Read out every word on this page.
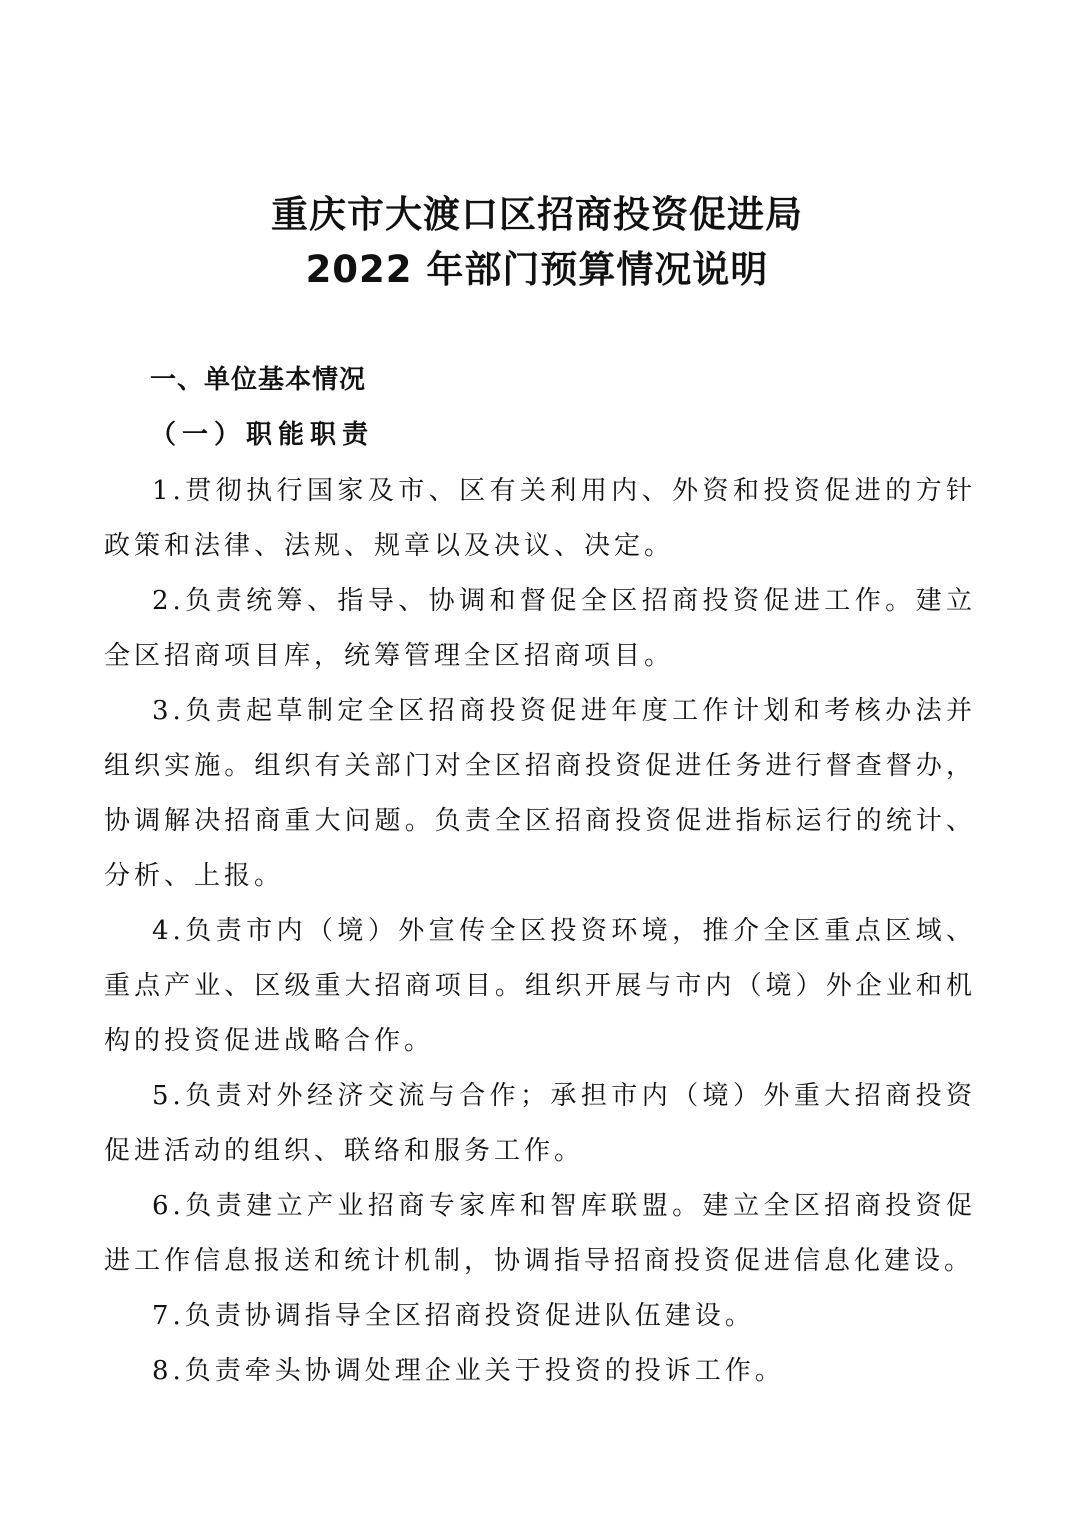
重庆市大渡口区招商投资促进局
2022 年部门预算情况说明
一、单位基本情况
（一）职能职责

1.贯彻执行国家及市、区有关利用内、外资和投资促进的方针政策和法律、法规、规章以及决议、决定。

2.负责统筹、指导、协调和督促全区招商投资促进工作。建立全区招商项目库，统筹管理全区招商项目。

3.负责起草制定全区招商投资促进年度工作计划和考核办法并组织实施。组织有关部门对全区招商投资促进任务进行督查督办，协调解决招商重大问题。负责全区招商投资促进指标运行的统计、分析、上报。

4.负责市内（境）外宣传全区投资环境，推介全区重点区域、重点产业、区级重大招商项目。组织开展与市内（境）外企业和机构的投资促进战略合作。

5.负责对外经济交流与合作；承担市内（境）外重大招商投资促进活动的组织、联络和服务工作。

6.负责建立产业招商专家库和智库联盟。建立全区招商投资促进工作信息报送和统计机制，协调指导招商投资促进信息化建设。

7.负责协调指导全区招商投资促进队伍建设。

8.负责牵头协调处理企业关于投资的投诉工作。
